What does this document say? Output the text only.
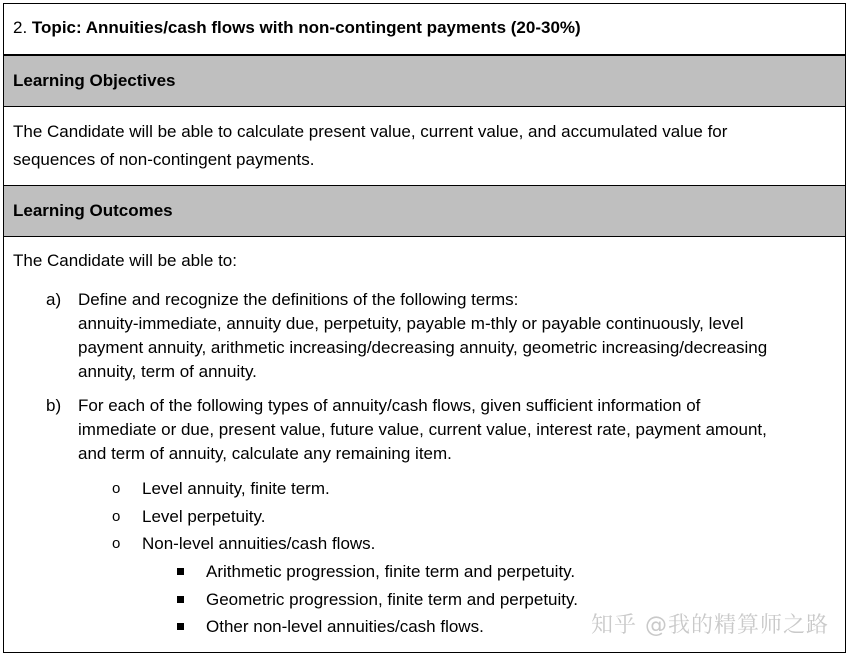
2. Topic: Annuities/cash flows with non-contingent payments (20-30%)
Learning Objectives
The Candidate will be able to calculate present value, current value, and accumulated value for
sequences of non-contingent payments.
Learning Outcomes
The Candidate will be able to:
a) Define and recognize the definitions of the following terms:
annuity-immediate, annuity due, perpetuity, payable m-thly or payable continuously, level
payment annuity, arithmetic increasing/decreasing annuity, geometric increasing/decreasing
annuity, term of annuity.
b) For each of the following types of annuity/cash flows, given sufficient information of
immediate or due, present value, future value, current value, interest rate, payment amount,
and term of annuity, calculate any remaining item.
o Level annuity, finite term.
o Level perpetuity.
o Non-level annuities/cash flows.
Arithmetic progression, finite term and perpetuity.
Geometric progression, finite term and perpetuity.
Other non-level annuities/cash flows.	知乎 @我的精算师之路
